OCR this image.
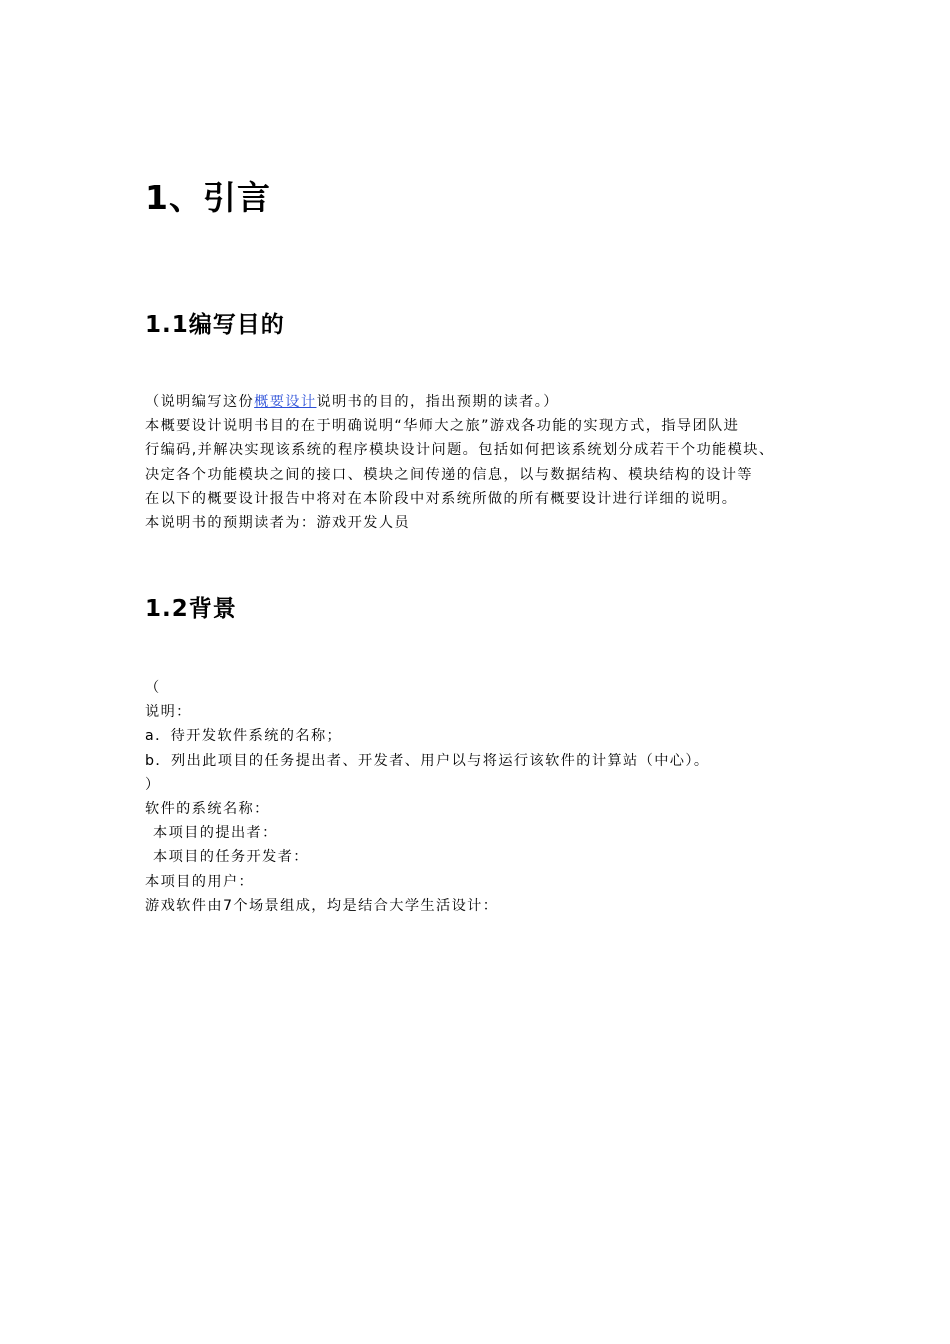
1、引言
1.1编写目的

（说明编写这份概要设计说明书的目的，指出预期的读者。）

本概要设计说明书目的在于明确说明“华师大之旅”游戏各功能的实现方式，指导团队进

行编码,并解决实现该系统的程序模块设计问题。包括如何把该系统划分成若干个功能模块、

决定各个功能模块之间的接口、模块之间传递的信息，以与数据结构、模块结构的设计等

在以下的概要设计报告中将对在本阶段中对系统所做的所有概要设计进行详细的说明。

本说明书的预期读者为：游戏开发人员

1.2背景

（

说明：

a．待开发软件系统的名称；

b．列出此项目的任务提出者、开发者、用户以与将运行该软件的计算站（中心）。

）

软件的系统名称：

本项目的提出者：

本项目的任务开发者：

本项目的用户：

游戏软件由7个场景组成，均是结合大学生活设计：
